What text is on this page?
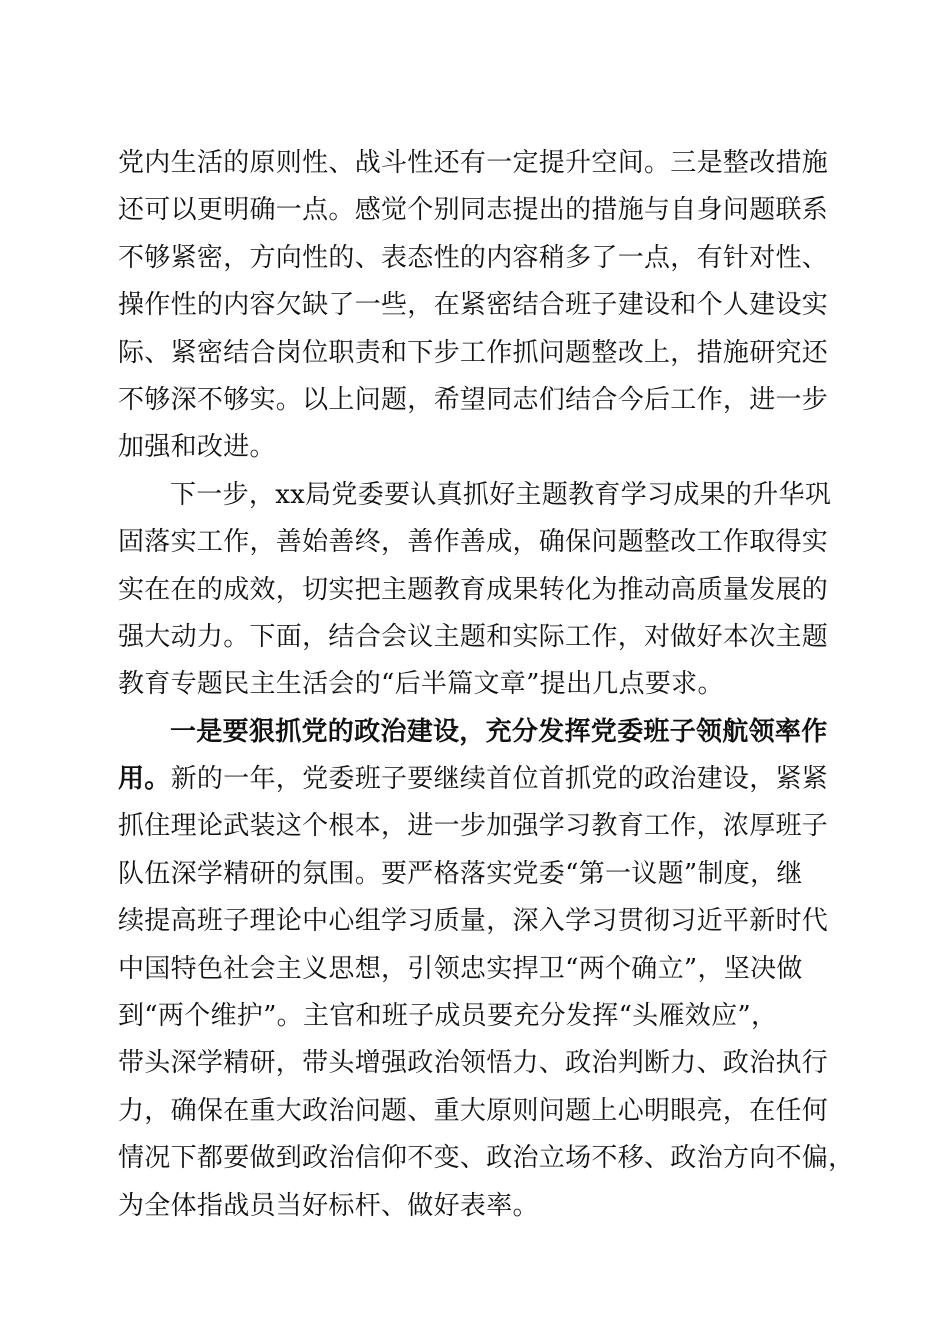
党内生活的原则性、战斗性还有一定提升空间。三是整改措施
还可以更明确一点。感觉个别同志提出的措施与自身问题联系
不够紧密，方向性的、表态性的内容稍多了一点，有针对性、
操作性的内容欠缺了一些，在紧密结合班子建设和个人建设实
际、紧密结合岗位职责和下步工作抓问题整改上，措施研究还
不够深不够实。以上问题，希望同志们结合今后工作，进一步
加强和改进。
下一步，xx局党委要认真抓好主题教育学习成果的升华巩
固落实工作，善始善终，善作善成，确保问题整改工作取得实
实在在的成效，切实把主题教育成果转化为推动高质量发展的
强大动力。下面，结合会议主题和实际工作，对做好本次主题
教育专题民主生活会的“后半篇文章”提出几点要求。
一是要狠抓党的政治建设，充分发挥党委班子领航领率作
用。新的一年，党委班子要继续首位首抓党的政治建设，紧紧
抓住理论武装这个根本，进一步加强学习教育工作，浓厚班子
队伍深学精研的氛围。要严格落实党委“第一议题”制度，继
续提高班子理论中心组学习质量，深入学习贯彻习近平新时代
中国特色社会主义思想，引领忠实捍卫“两个确立”，坚决做
到“两个维护”。主官和班子成员要充分发挥“头雁效应”，
带头深学精研，带头增强政治领悟力、政治判断力、政治执行
力，确保在重大政治问题、重大原则问题上心明眼亮，在任何
情况下都要做到政治信仰不变、政治立场不移、政治方向不偏，
为全体指战员当好标杆、做好表率。
